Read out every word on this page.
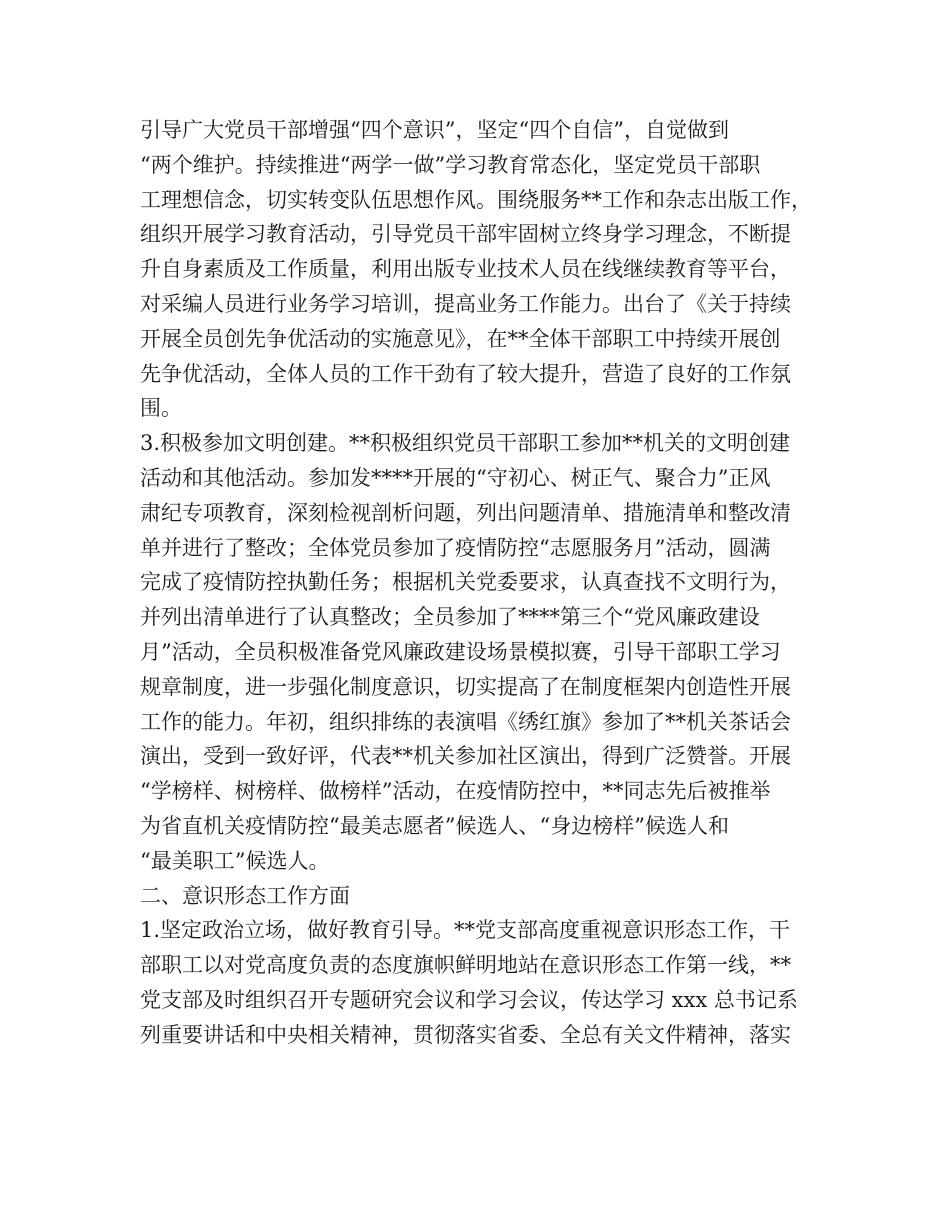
引导广大党员干部增强“四个意识”，坚定“四个自信”，自觉做到
“两个维护。持续推进“两学一做”学习教育常态化，坚定党员干部职
工理想信念，切实转变队伍思想作风。围绕服务**工作和杂志出版工作，
组织开展学习教育活动，引导党员干部牢固树立终身学习理念，不断提
升自身素质及工作质量，利用出版专业技术人员在线继续教育等平台，
对采编人员进行业务学习培训，提高业务工作能力。出台了《关于持续
开展全员创先争优活动的实施意见》，在**全体干部职工中持续开展创
先争优活动，全体人员的工作干劲有了较大提升，营造了良好的工作氛
围。
3.积极参加文明创建。**积极组织党员干部职工参加**机关的文明创建
活动和其他活动。参加发****开展的“守初心、树正气、聚合力”正风
肃纪专项教育，深刻检视剖析问题，列出问题清单、措施清单和整改清
单并进行了整改；全体党员参加了疫情防控“志愿服务月”活动，圆满
完成了疫情防控执勤任务；根据机关党委要求，认真查找不文明行为，
并列出清单进行了认真整改；全员参加了****第三个“党风廉政建设
月”活动，全员积极准备党风廉政建设场景模拟赛，引导干部职工学习
规章制度，进一步强化制度意识，切实提高了在制度框架内创造性开展
工作的能力。年初，组织排练的表演唱《绣红旗》参加了**机关茶话会
演出，受到一致好评，代表**机关参加社区演出，得到广泛赞誉。开展
“学榜样、树榜样、做榜样”活动，在疫情防控中，**同志先后被推举
为省直机关疫情防控“最美志愿者”候选人、“身边榜样”候选人和
“最美职工”候选人。
二、意识形态工作方面
1.坚定政治立场，做好教育引导。**党支部高度重视意识形态工作，干
部职工以对党高度负责的态度旗帜鲜明地站在意识形态工作第一线，**
党支部及时组织召开专题研究会议和学习会议，传达学习 xxx 总书记系
列重要讲话和中央相关精神，贯彻落实省委、全总有关文件精神，落实
